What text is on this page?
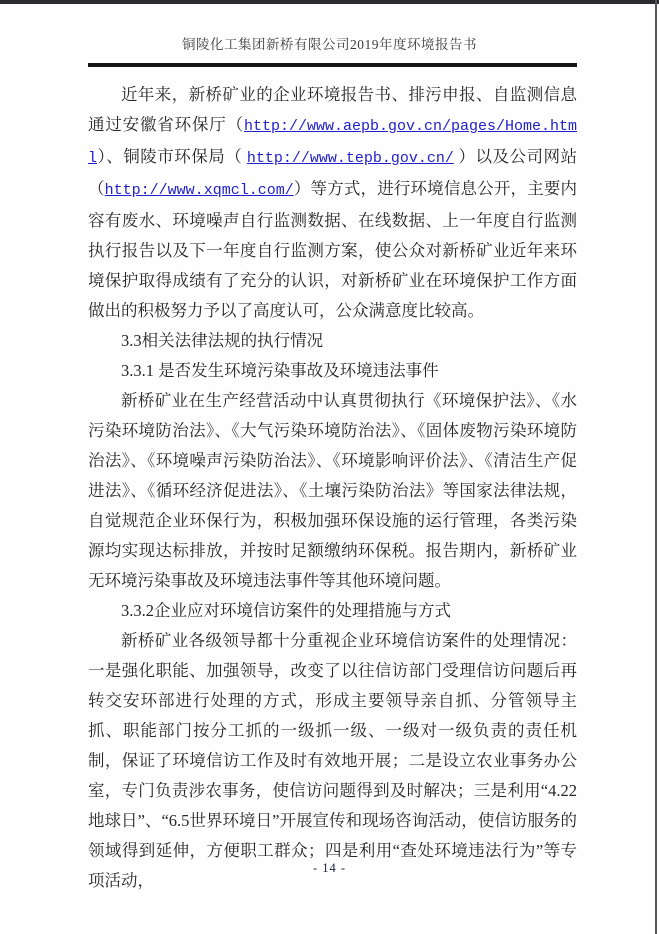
铜陵化工集团新桥有限公司2019年度环境报告书

近年来，新桥矿业的企业环境报告书、排污申报、自监测信息通过安徽省环保厅（http://www.aepb.gov.cn/pages/Home.html）、铜陵市环保局（ http://www.tepb.gov.cn/ ）以及公司网站（http://www.xqmcl.com/）等方式，进行环境信息公开，主要内容有废水、环境噪声自行监测数据、在线数据、上一年度自行监测执行报告以及下一年度自行监测方案，使公众对新桥矿业近年来环境保护取得成绩有了充分的认识，对新桥矿业在环境保护工作方面做出的积极努力予以了高度认可，公众满意度比较高。

3.3相关法律法规的执行情况

3.3.1 是否发生环境污染事故及环境违法事件

新桥矿业在生产经营活动中认真贯彻执行《环境保护法》、《水污染环境防治法》、《大气污染环境防治法》、《固体废物污染环境防治法》、《环境噪声污染防治法》、《环境影响评价法》、《清洁生产促进法》、《循环经济促进法》、《土壤污染防治法》等国家法律法规，自觉规范企业环保行为，积极加强环保设施的运行管理，各类污染源均实现达标排放，并按时足额缴纳环保税。报告期内，新桥矿业无环境污染事故及环境违法事件等其他环境问题。

3.3.2企业应对环境信访案件的处理措施与方式

新桥矿业各级领导都十分重视企业环境信访案件的处理情况：一是强化职能、加强领导，改变了以往信访部门受理信访问题后再转交安环部进行处理的方式，形成主要领导亲自抓、分管领导主抓、职能部门按分工抓的一级抓一级、一级对一级负责的责任机制，保证了环境信访工作及时有效地开展；二是设立农业事务办公室，专门负责涉农事务，使信访问题得到及时解决；三是利用“4.22地球日”、“6.5世界环境日”开展宣传和现场咨询活动，使信访服务的领域得到延伸，方便职工群众；四是利用“查处环境违法行为”等专项活动，

- 14 -
